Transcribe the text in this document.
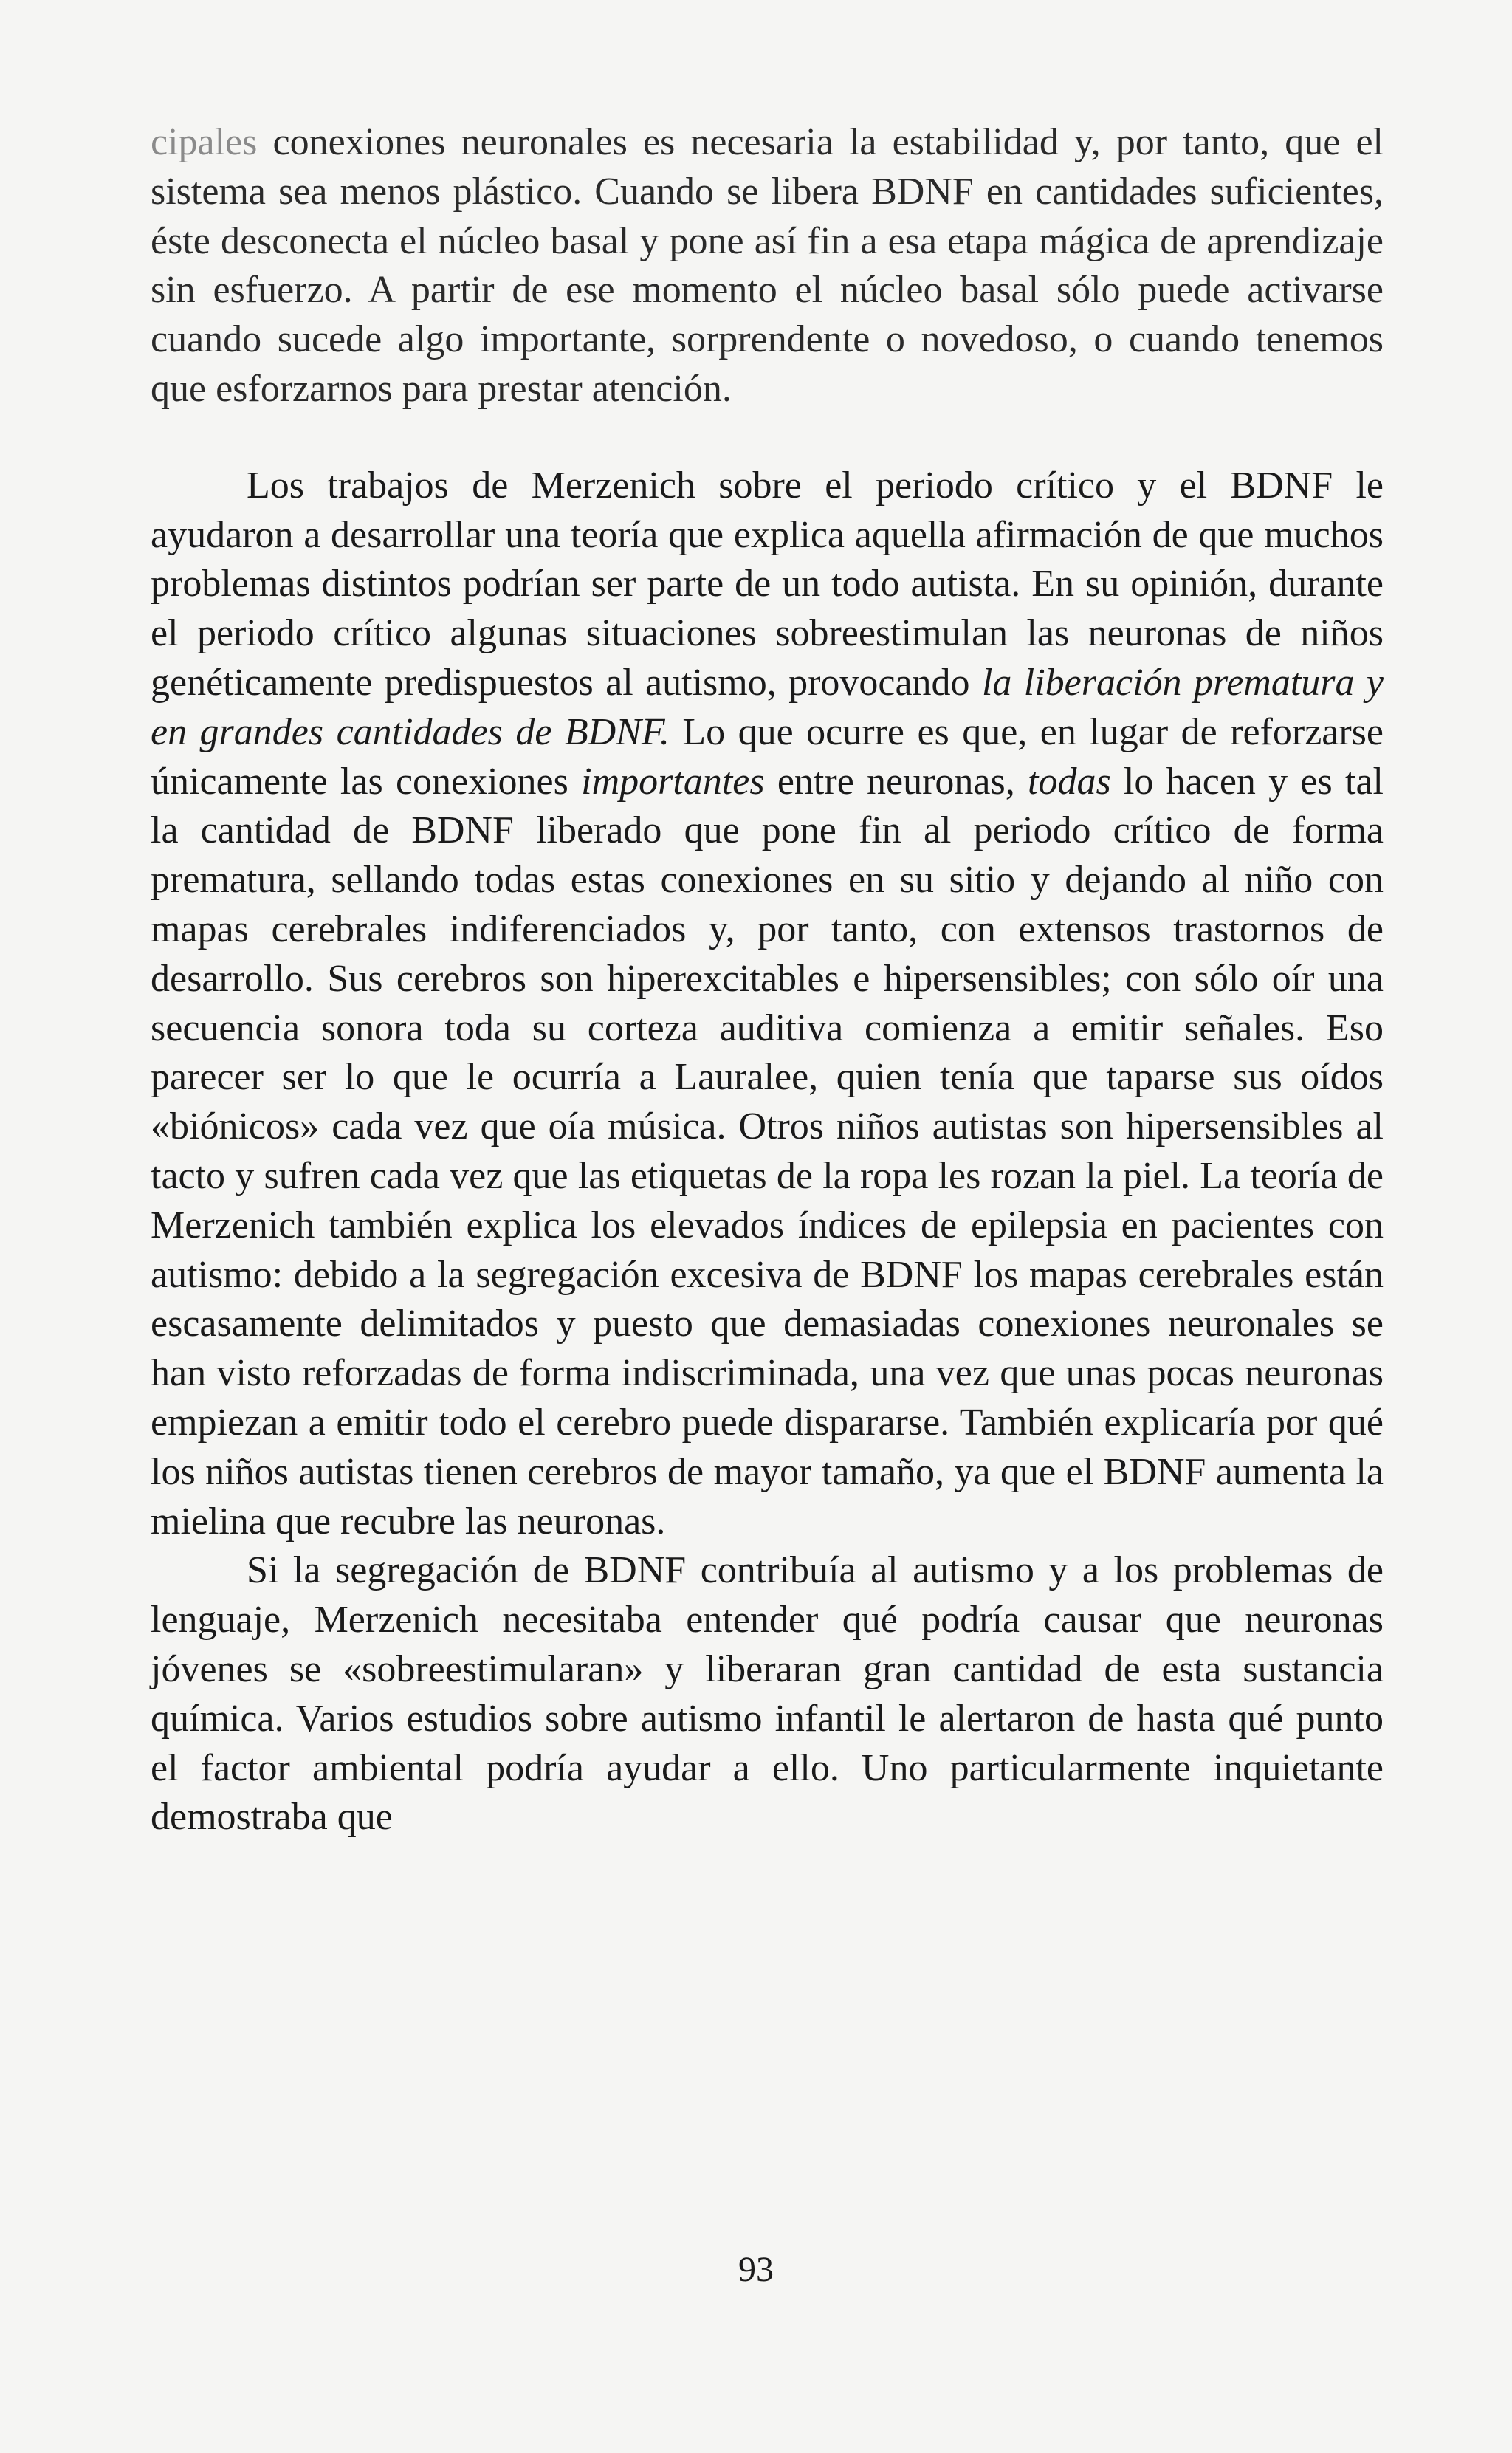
cipales conexiones neuronales es necesaria la estabilidad y, por tanto, que el sistema sea menos plástico. Cuando se libera BDNF en cantidades suficientes, éste desconecta el núcleo basal y pone así fin a esa etapa mágica de aprendizaje sin esfuerzo. A partir de ese momento el núcleo basal sólo puede activarse cuando sucede algo importante, sorprendente o novedoso, o cuando tenemos que esforzarnos para prestar atención.

Los trabajos de Merzenich sobre el periodo crítico y el BDNF le ayudaron a desarrollar una teoría que explica aquella afirmación de que muchos problemas distintos podrían ser parte de un todo autista. En su opinión, durante el periodo crítico algunas situaciones sobreestimulan las neuronas de niños genéticamente predispuestos al autismo, provocando la liberación prematura y en grandes cantidades de BDNF. Lo que ocurre es que, en lugar de reforzarse únicamente las conexiones importantes entre neuronas, todas lo hacen y es tal la cantidad de BDNF liberado que pone fin al periodo crítico de forma prematura, sellando todas estas conexiones en su sitio y dejando al niño con mapas cerebrales indiferenciados y, por tanto, con extensos trastornos de desarrollo. Sus cerebros son hiperexcitables e hipersensibles; con sólo oír una secuencia sonora toda su corteza auditiva comienza a emitir señales. Eso parecer ser lo que le ocurría a Lauralee, quien tenía que taparse sus oídos «biónicos» cada vez que oía música. Otros niños autistas son hipersensibles al tacto y sufren cada vez que las etiquetas de la ropa les rozan la piel. La teoría de Merzenich también explica los elevados índices de epilepsia en pacientes con autismo: debido a la segregación excesiva de BDNF los mapas cerebrales están escasamente delimitados y puesto que demasiadas conexiones neuronales se han visto reforzadas de forma indiscriminada, una vez que unas pocas neuronas empiezan a emitir todo el cerebro puede dispararse. También explicaría por qué los niños autistas tienen cerebros de mayor tamaño, ya que el BDNF aumenta la mielina que recubre las neuronas.

Si la segregación de BDNF contribuía al autismo y a los problemas de lenguaje, Merzenich necesitaba entender qué podría causar que neuronas jóvenes se «sobreestimularan» y liberaran gran cantidad de esta sustancia química. Varios estudios sobre autismo infantil le alertaron de hasta qué punto el factor ambiental podría ayudar a ello. Uno particularmente inquietante demostraba que

93
